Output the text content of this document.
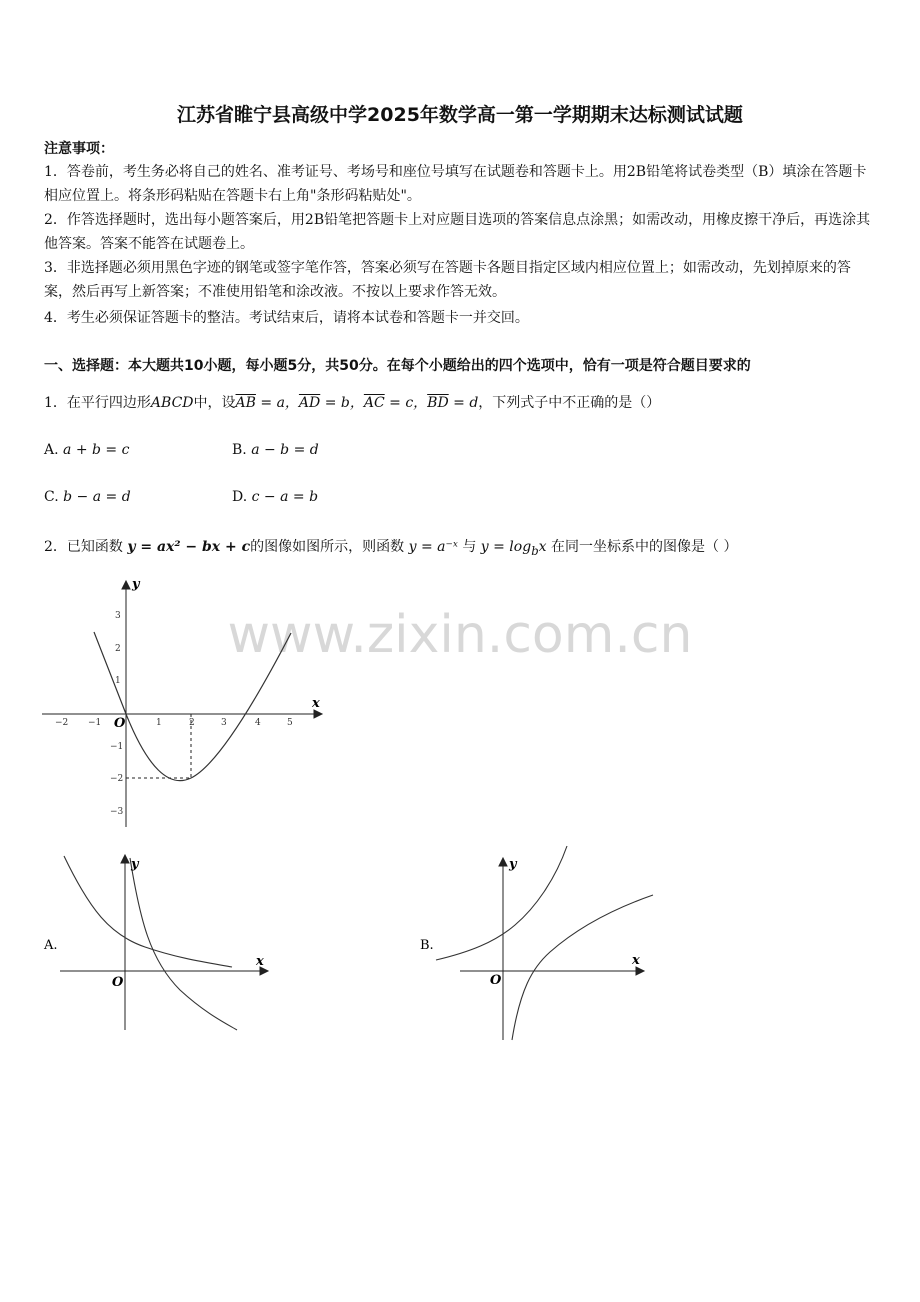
江苏省睢宁县高级中学2025年数学高一第一学期期末达标测试试题
注意事项：
1．答卷前，考生务必将自己的姓名、准考证号、考场号和座位号填写在试题卷和答题卡上。用2B铅笔将试卷类型（B）填涂在答题卡相应位置上。将条形码粘贴在答题卡右上角"条形码粘贴处"。
2．作答选择题时，选出每小题答案后，用2B铅笔把答题卡上对应题目选项的答案信息点涂黑；如需改动，用橡皮擦干净后，再选涂其他答案。答案不能答在试题卷上。
3．非选择题必须用黑色字迹的钢笔或签字笔作答，答案必须写在答题卡各题目指定区域内相应位置上；如需改动，先划掉原来的答案，然后再写上新答案；不准使用铅笔和涂改液。不按以上要求作答无效。
4．考生必须保证答题卡的整洁。考试结束后，请将本试卷和答题卡一并交回。
一、选择题：本大题共10小题，每小题5分，共50分。在每个小题给出的四个选项中，恰有一项是符合题目要求的
1．在平行四边形ABCD中，设$\overline{AB} = a$，$\overline{AD} = b$，$\overline{AC} = c$，$\overline{BD} = d$，下列式子中不正确的是（）
A. a + b = c	B. a − b = d
C. b − a = d	D. c − a = b
2．已知函数 y = ax² − bx + c的图像如图所示，则函数 y = a⁻ˣ 与 $y = \log_bx$ 在同一坐标系中的图像是（ ）
www.zixin.com.cn
−2 −1	1	2	3	4	5
3
2
1
−1
−2
−3
x
y
O
A.
x
y
O
B.
x
y
O
